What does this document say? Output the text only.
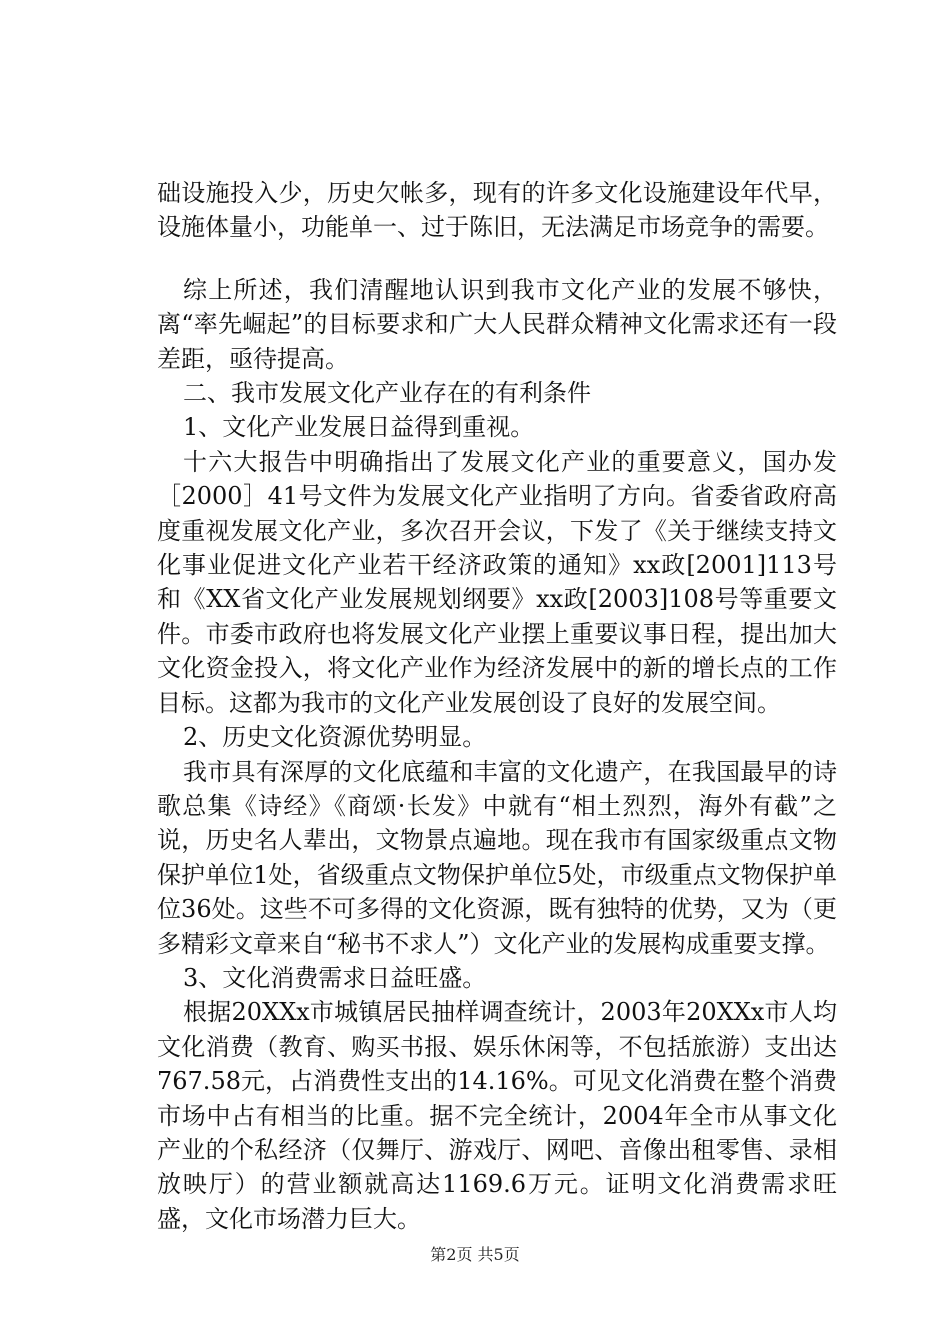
础设施投入少，历史欠帐多，现有的许多文化设施建设年代早，设施体量小，功能单一、过于陈旧，无法满足市场竞争的需要。

综上所述，我们清醒地认识到我市文化产业的发展不够快，离“率先崛起”的目标要求和广大人民群众精神文化需求还有一段差距，亟待提高。

二、我市发展文化产业存在的有利条件

1、文化产业发展日益得到重视。

十六大报告中明确指出了发展文化产业的重要意义，国办发［2000］41号文件为发展文化产业指明了方向。省委省政府高度重视发展文化产业，多次召开会议，下发了《关于继续支持文化事业促进文化产业若干经济政策的通知》xx政[2001]113号和《XX省文化产业发展规划纲要》xx政[2003]108号等重要文件。市委市政府也将发展文化产业摆上重要议事日程，提出加大文化资金投入，将文化产业作为经济发展中的新的增长点的工作目标。这都为我市的文化产业发展创设了良好的发展空间。

2、历史文化资源优势明显。

我市具有深厚的文化底蕴和丰富的文化遗产，在我国最早的诗歌总集《诗经》《商颂·长发》中就有“相土烈烈，海外有截”之说，历史名人辈出，文物景点遍地。现在我市有国家级重点文物保护单位1处，省级重点文物保护单位5处，市级重点文物保护单位36处。这些不可多得的文化资源，既有独特的优势，又为（更多精彩文章来自“秘书不求人”）文化产业的发展构成重要支撑。

3、文化消费需求日益旺盛。

根据20XXx市城镇居民抽样调查统计，2003年20XXx市人均文化消费（教育、购买书报、娱乐休闲等，不包括旅游）支出达767.58元，占消费性支出的14.16%。可见文化消费在整个消费市场中占有相当的比重。据不完全统计，2004年全市从事文化产业的个私经济（仅舞厅、游戏厅、网吧、音像出租零售、录相放映厅）的营业额就高达1169.6万元。证明文化消费需求旺盛，文化市场潜力巨大。

第2页 共5页
